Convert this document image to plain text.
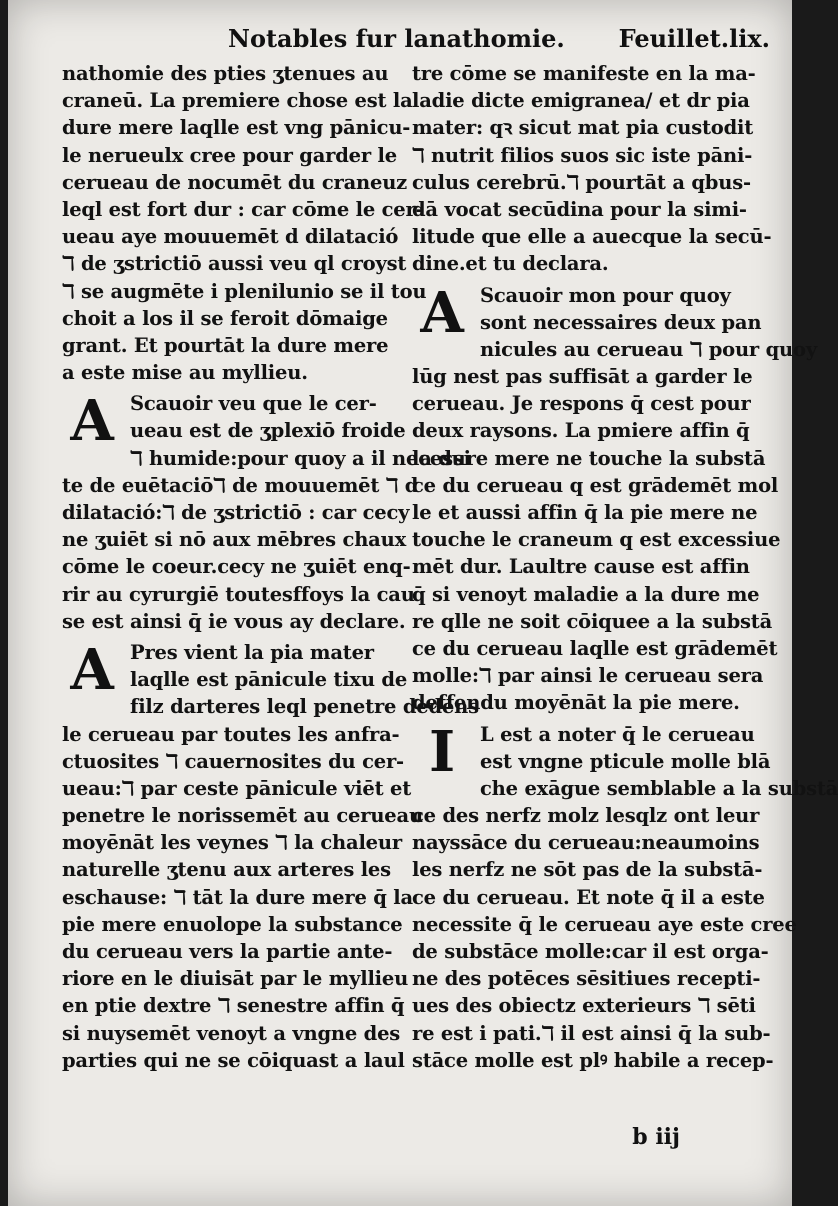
Notables fur lanathomie. Feuillet.lix.
nathomie des pties ʒtenues au
craneū. La premiere chose est la
dure mere laqlle est vng pānicu-
le nerueulx cree pour garder le
cerueau de nocumēt du craneuz
leql est fort dur : car cōme le cer-
ueau aye mouuemēt d dilatació
ℸ de ʒstrictiō aussi veu ql croyst
ℸ se augmēte i plenilunio se il tou
choit a los il se feroit dōmaige
grant. Et pourtāt la dure mere
a este mise au myllieu.
A Scauoir veu que le cer-
ueau est de ʒplexiō froide
ℸ humide:pour quoy a il necessi
te de euētaciōℸ de mouuemēt ℸ d
dilatació:ℸ de ʒstrictiō : car cecy
ne ʒuiēt si nō aux mēbres chaux
cōme le coeur.cecy ne ʒuiēt enq-
rir au cyrurgiē toutesffoys la cau
se est ainsi q̄ ie vous ay declare.
A Pres vient la pia mater
laqlle est pānicule tixu de
filz darteres leql penetre dedens
le cerueau par toutes les anfra-
ctuosites ℸ cauernosites du cer-
ueau:ℸ par ceste pānicule viēt et
penetre le norissemēt au cerueau
moyēnāt les veynes ℸ la chaleur
naturelle ʒtenu aux arteres les
eschause: ℸ tāt la dure mere q̄ la
pie mere enuolope la substance
du cerueau vers la partie ante-
riore en le diuisāt par le myllieu
en ptie dextre ℸ senestre affin q̄
si nuysemēt venoyt a vngne des
parties qui ne se cōiquast a laul
tre cōme se manifeste en la ma-
ladie dicte emigranea/ et dr pia
mater: qꝛ sicut mat pia custodit
ℸ nutrit filios suos sic iste pāni-
culus cerebrū.ℸ pourtāt a qbus-
dā vocat secūdina pour la simi-
litude que elle a auecque la secū-
dine.et tu declara.
A Scauoir mon pour quoy
sont necessaires deux pan
nicules au cerueau ℸ pour quoy
lūg nest pas suffisāt a garder le
cerueau. Je respons q̄ cest pour
deux raysons. La pmiere affin q̄
la dure mere ne touche la substā
ce du cerueau q est grādemēt mol
le et aussi affin q̄ la pie mere ne
touche le craneum q est excessiue
mēt dur. Laultre cause est affin
q̄ si venoyt maladie a la dure me
re qlle ne soit cōiquee a la substā
ce du cerueau laqlle est grādemēt
molle:ℸ par ainsi le cerueau sera
deffendu moyēnāt la pie mere.
I	L est a noter q̄ le cerueau
est vngne pticule molle blā
che exāgue semblable a la substā
ce des nerfz molz lesqlz ont leur
nayssāce du cerueau:neaumoins
les nerfz ne sōt pas de la substā-
ce du cerueau. Et note q̄ il a este
necessite q̄ le cerueau aye este cree
de substāce molle:car il est orga-
ne des potēces sēsitiues recepti-
ues des obiectz exterieurs ℸ sēti
re est i pati.ℸ il est ainsi q̄ la sub-
stāce molle est plꝰ habile a recep-
b iij
